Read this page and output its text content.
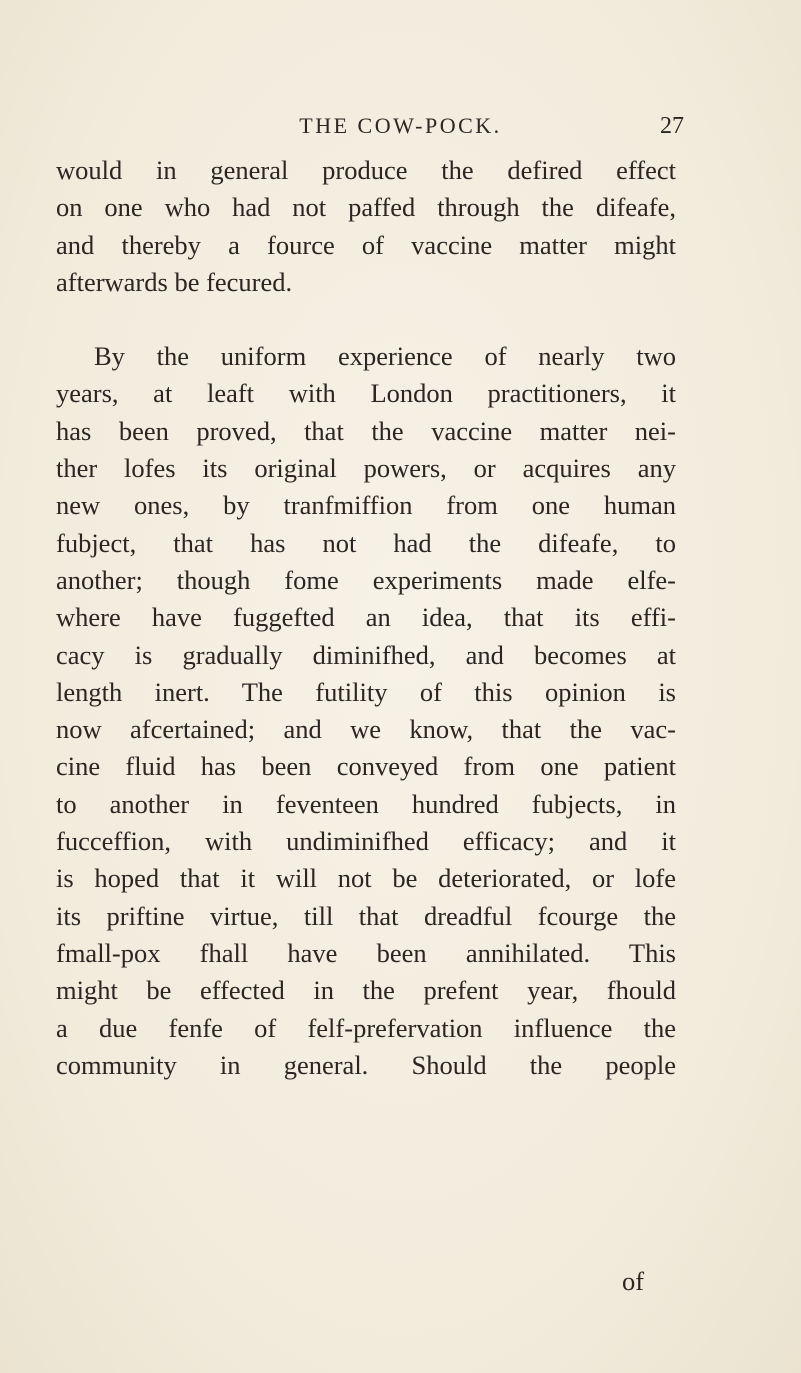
THE COW-POCK.	27
would in general produce the defired effect
on one who had not paffed through the difeafe,
and thereby a fource of vaccine matter might
afterwards be fecured.
By the uniform experience of nearly two
years, at leaft with London practitioners, it
has been proved, that the vaccine matter nei-
ther lofes its original powers, or acquires any
new ones, by tranfmiffion from one human
fubject, that has not had the difeafe, to
another; though fome experiments made elfe-
where have fuggefted an idea, that its effi-
cacy is gradually diminifhed, and becomes at
length inert. The futility of this opinion is
now afcertained; and we know, that the vac-
cine fluid has been conveyed from one patient
to another in feventeen hundred fubjects, in
fucceffion, with undiminifhed efficacy; and it
is hoped that it will not be deteriorated, or lofe
its priftine virtue, till that dreadful fcourge the
fmall-pox fhall have been annihilated. This
might be effected in the prefent year, fhould
a due fenfe of felf-prefervation influence the
community in general. Should the people
of
